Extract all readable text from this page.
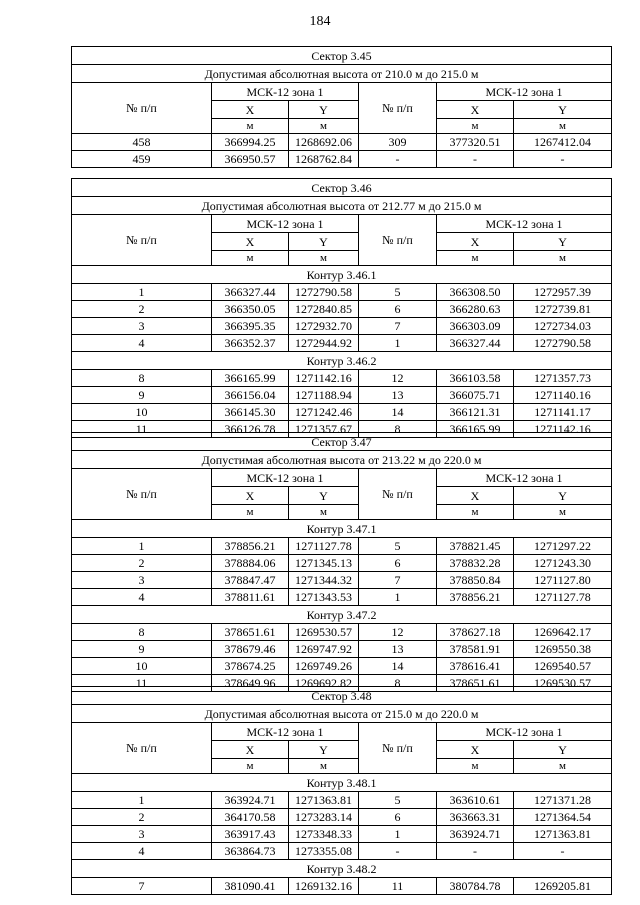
184
Сектор 3.45					
Допустимая абсолютная высота от 210.0 м до 215.0 м					
№ п/п	МСК-12 зона 1		№ п/п	МСК-12 зона 1	
	X	Y		X	Y
	м	м		м	м
458	366994.25	1268692.06	309	377320.51	1267412.04
459	366950.57	1268762.84	-	-	-
Сектор 3.46					
Допустимая абсолютная высота от 212.77 м до 215.0 м					
№ п/п	МСК-12 зона 1		№ п/п	МСК-12 зона 1	
	X	Y		X	Y
	м	м		м	м
Контур 3.46.1					
1	366327.44	1272790.58	5	366308.50	1272957.39
2	366350.05	1272840.85	6	366280.63	1272739.81
3	366395.35	1272932.70	7	366303.09	1272734.03
4	366352.37	1272944.92	1	366327.44	1272790.58
Контур 3.46.2					
8	366165.99	1271142.16	12	366103.58	1271357.73
9	366156.04	1271188.94	13	366075.71	1271140.16
10	366145.30	1271242.46	14	366121.31	1271141.17
11	366126.78	1271357.67	8	366165.99	1271142.16
Сектор 3.47					
Допустимая абсолютная высота от 213.22 м до 220.0 м					
№ п/п	МСК-12 зона 1		№ п/п	МСК-12 зона 1	
	X	Y		X	Y
	м	м		м	м
Контур 3.47.1					
1	378856.21	1271127.78	5	378821.45	1271297.22
2	378884.06	1271345.13	6	378832.28	1271243.30
3	378847.47	1271344.32	7	378850.84	1271127.80
4	378811.61	1271343.53	1	378856.21	1271127.78
Контур 3.47.2					
8	378651.61	1269530.57	12	378627.18	1269642.17
9	378679.46	1269747.92	13	378581.91	1269550.38
10	378674.25	1269749.26	14	378616.41	1269540.57
11	378649.96	1269692.82	8	378651.61	1269530.57
Сектор 3.48					
Допустимая абсолютная высота от 215.0 м до 220.0 м					
№ п/п	МСК-12 зона 1		№ п/п	МСК-12 зона 1	
	X	Y		X	Y
	м	м		м	м
Контур 3.48.1					
1	363924.71	1271363.81	5	363610.61	1271371.28
2	364170.58	1273283.14	6	363663.31	1271364.54
3	363917.43	1273348.33	1	363924.71	1271363.81
4	363864.73	1273355.08	-	-	-
Контур 3.48.2					
7	381090.41	1269132.16	11	380784.78	1269205.81
